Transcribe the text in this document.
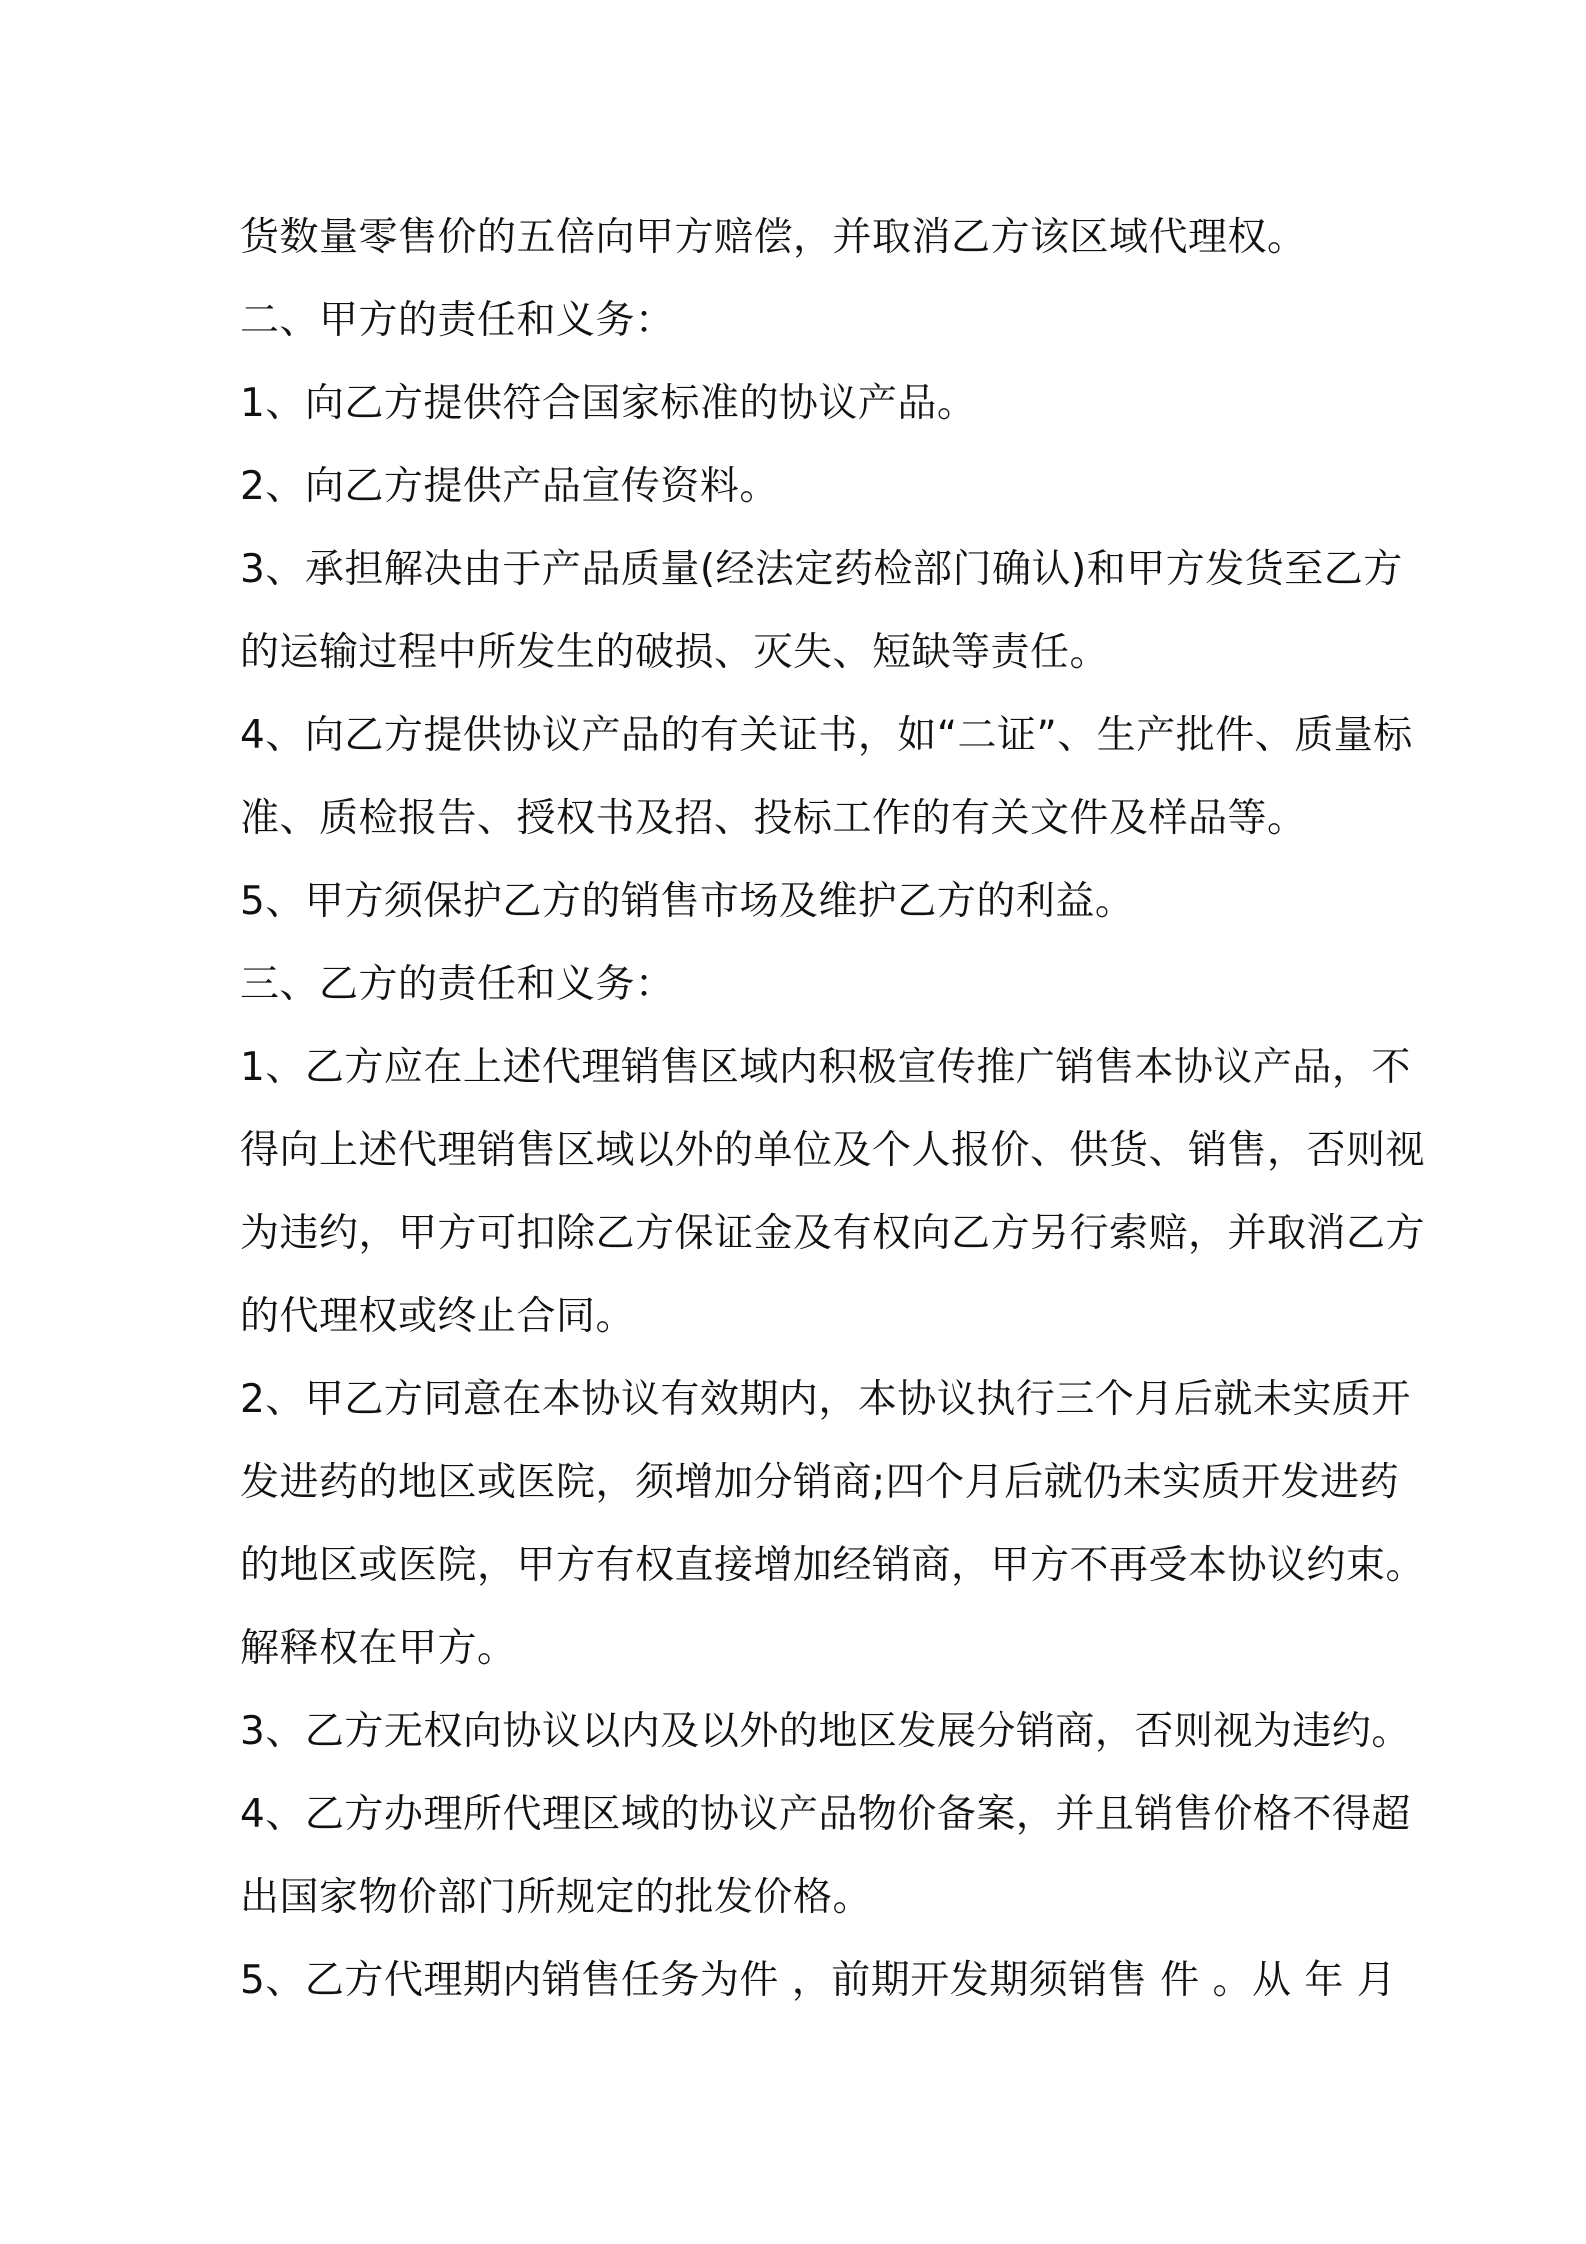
货数量零售价的五倍向甲方赔偿，并取消乙方该区域代理权。
二、甲方的责任和义务：
1、向乙方提供符合国家标准的协议产品。
2、向乙方提供产品宣传资料。
3、承担解决由于产品质量(经法定药检部门确认)和甲方发货至乙方
的运输过程中所发生的破损、灭失、短缺等责任。
4、向乙方提供协议产品的有关证书，如“二证”、生产批件、质量标
准、质检报告、授权书及招、投标工作的有关文件及样品等。
5、甲方须保护乙方的销售市场及维护乙方的利益。
三、乙方的责任和义务：
1、乙方应在上述代理销售区域内积极宣传推广销售本协议产品，不
得向上述代理销售区域以外的单位及个人报价、供货、销售，否则视
为违约，甲方可扣除乙方保证金及有权向乙方另行索赔，并取消乙方
的代理权或终止合同。
2、甲乙方同意在本协议有效期内，本协议执行三个月后就未实质开
发进药的地区或医院，须增加分销商;四个月后就仍未实质开发进药
的地区或医院，甲方有权直接增加经销商，甲方不再受本协议约束。
解释权在甲方。
3、乙方无权向协议以内及以外的地区发展分销商，否则视为违约。
4、乙方办理所代理区域的协议产品物价备案，并且销售价格不得超
出国家物价部门所规定的批发价格。
5、乙方代理期内销售任务为件 ，前期开发期须销售 件 。从 年 月
